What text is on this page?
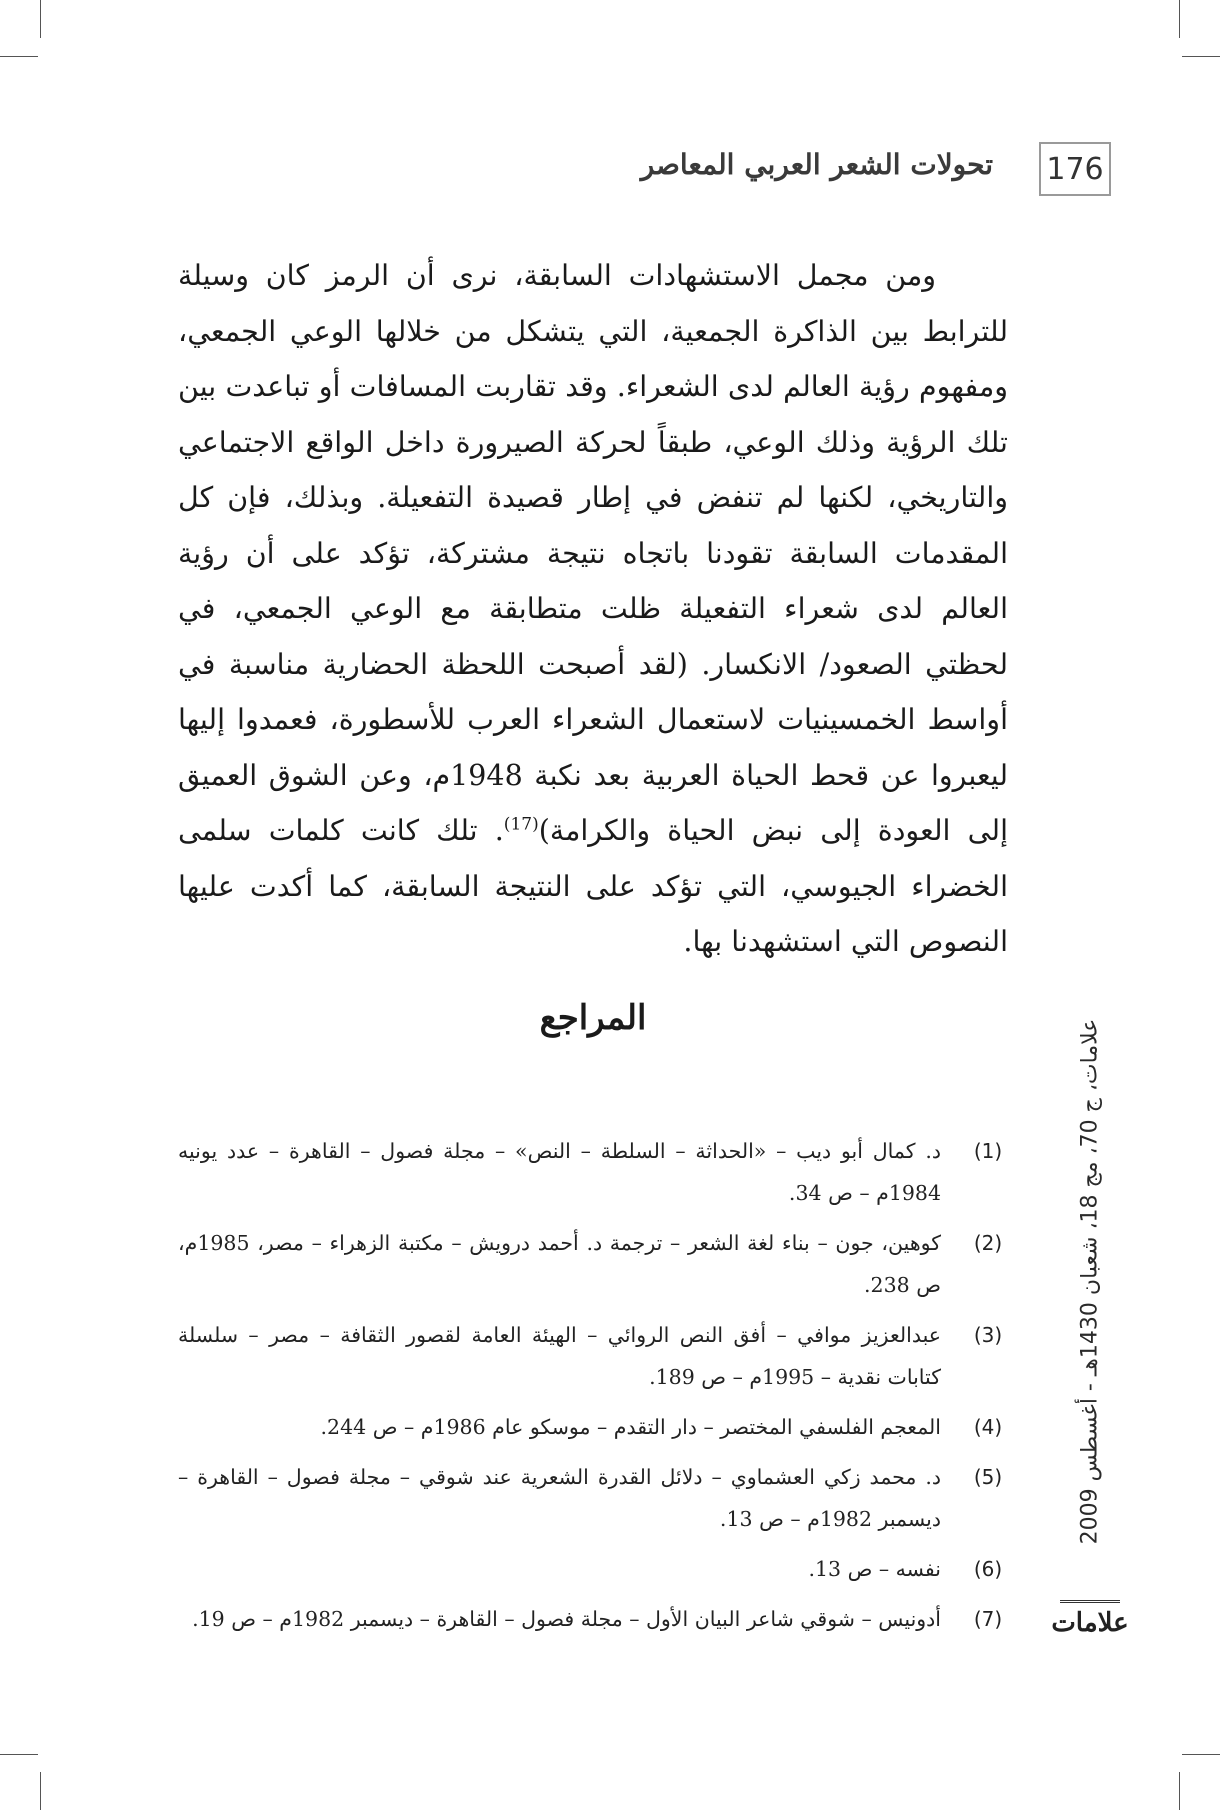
176
تحولات الشعر العربي المعاصر

ومن مجمل الاستشهادات السابقة، نرى أن الرمز كان وسيلة للترابط بين الذاكرة الجمعية، التي يتشكل من خلالها الوعي الجمعي، ومفهوم رؤية العالم لدى الشعراء. وقد تقاربت المسافات أو تباعدت بين تلك الرؤية وذلك الوعي، طبقاً لحركة الصيرورة داخل الواقع الاجتماعي والتاريخي، لكنها لم تنفض في إطار قصيدة التفعيلة. وبذلك، فإن كل المقدمات السابقة تقودنا باتجاه نتيجة مشتركة، تؤكد على أن رؤية العالم لدى شعراء التفعيلة ظلت متطابقة مع الوعي الجمعي، في لحظتي الصعود/ الانكسار. (لقد أصبحت اللحظة الحضارية مناسبة في أواسط الخمسينيات لاستعمال الشعراء العرب للأسطورة، فعمدوا إليها ليعبروا عن قحط الحياة العربية بعد نكبة 1948م، وعن الشوق العميق إلى العودة إلى نبض الحياة والكرامة)$^{(17)}$. تلك كانت كلمات سلمى الخضراء الجيوسي، التي تؤكد على النتيجة السابقة، كما أكدت عليها النصوص التي استشهدنا بها.

المراجع
(1)
د. كمال أبو ديب – «الحداثة – السلطة – النص» – مجلة فصول – القاهرة – عدد يونيه 1984م – ص 34.
(2)
كوهين، جون – بناء لغة الشعر – ترجمة د. أحمد درويش – مكتبة الزهراء – مصر، 1985م، ص 238.
(3)
عبدالعزيز موافي – أفق النص الروائي – الهيئة العامة لقصور الثقافة – مصر – سلسلة كتابات نقدية – 1995م – ص 189.
(4)
المعجم الفلسفي المختصر – دار التقدم – موسكو عام 1986م – ص 244.
(5)
د. محمد زكي العشماوي – دلائل القدرة الشعرية عند شوقي – مجلة فصول – القاهرة – ديسمبر 1982م – ص 13.
(6)
نفسه – ص 13.
(7)
أدونيس – شوقي شاعر البيان الأول – مجلة فصول – القاهرة – ديسمبر 1982م – ص 19.
علامات، ج 70، مج 18، شعبان 1430هـ - أغسطس 2009
علامات
